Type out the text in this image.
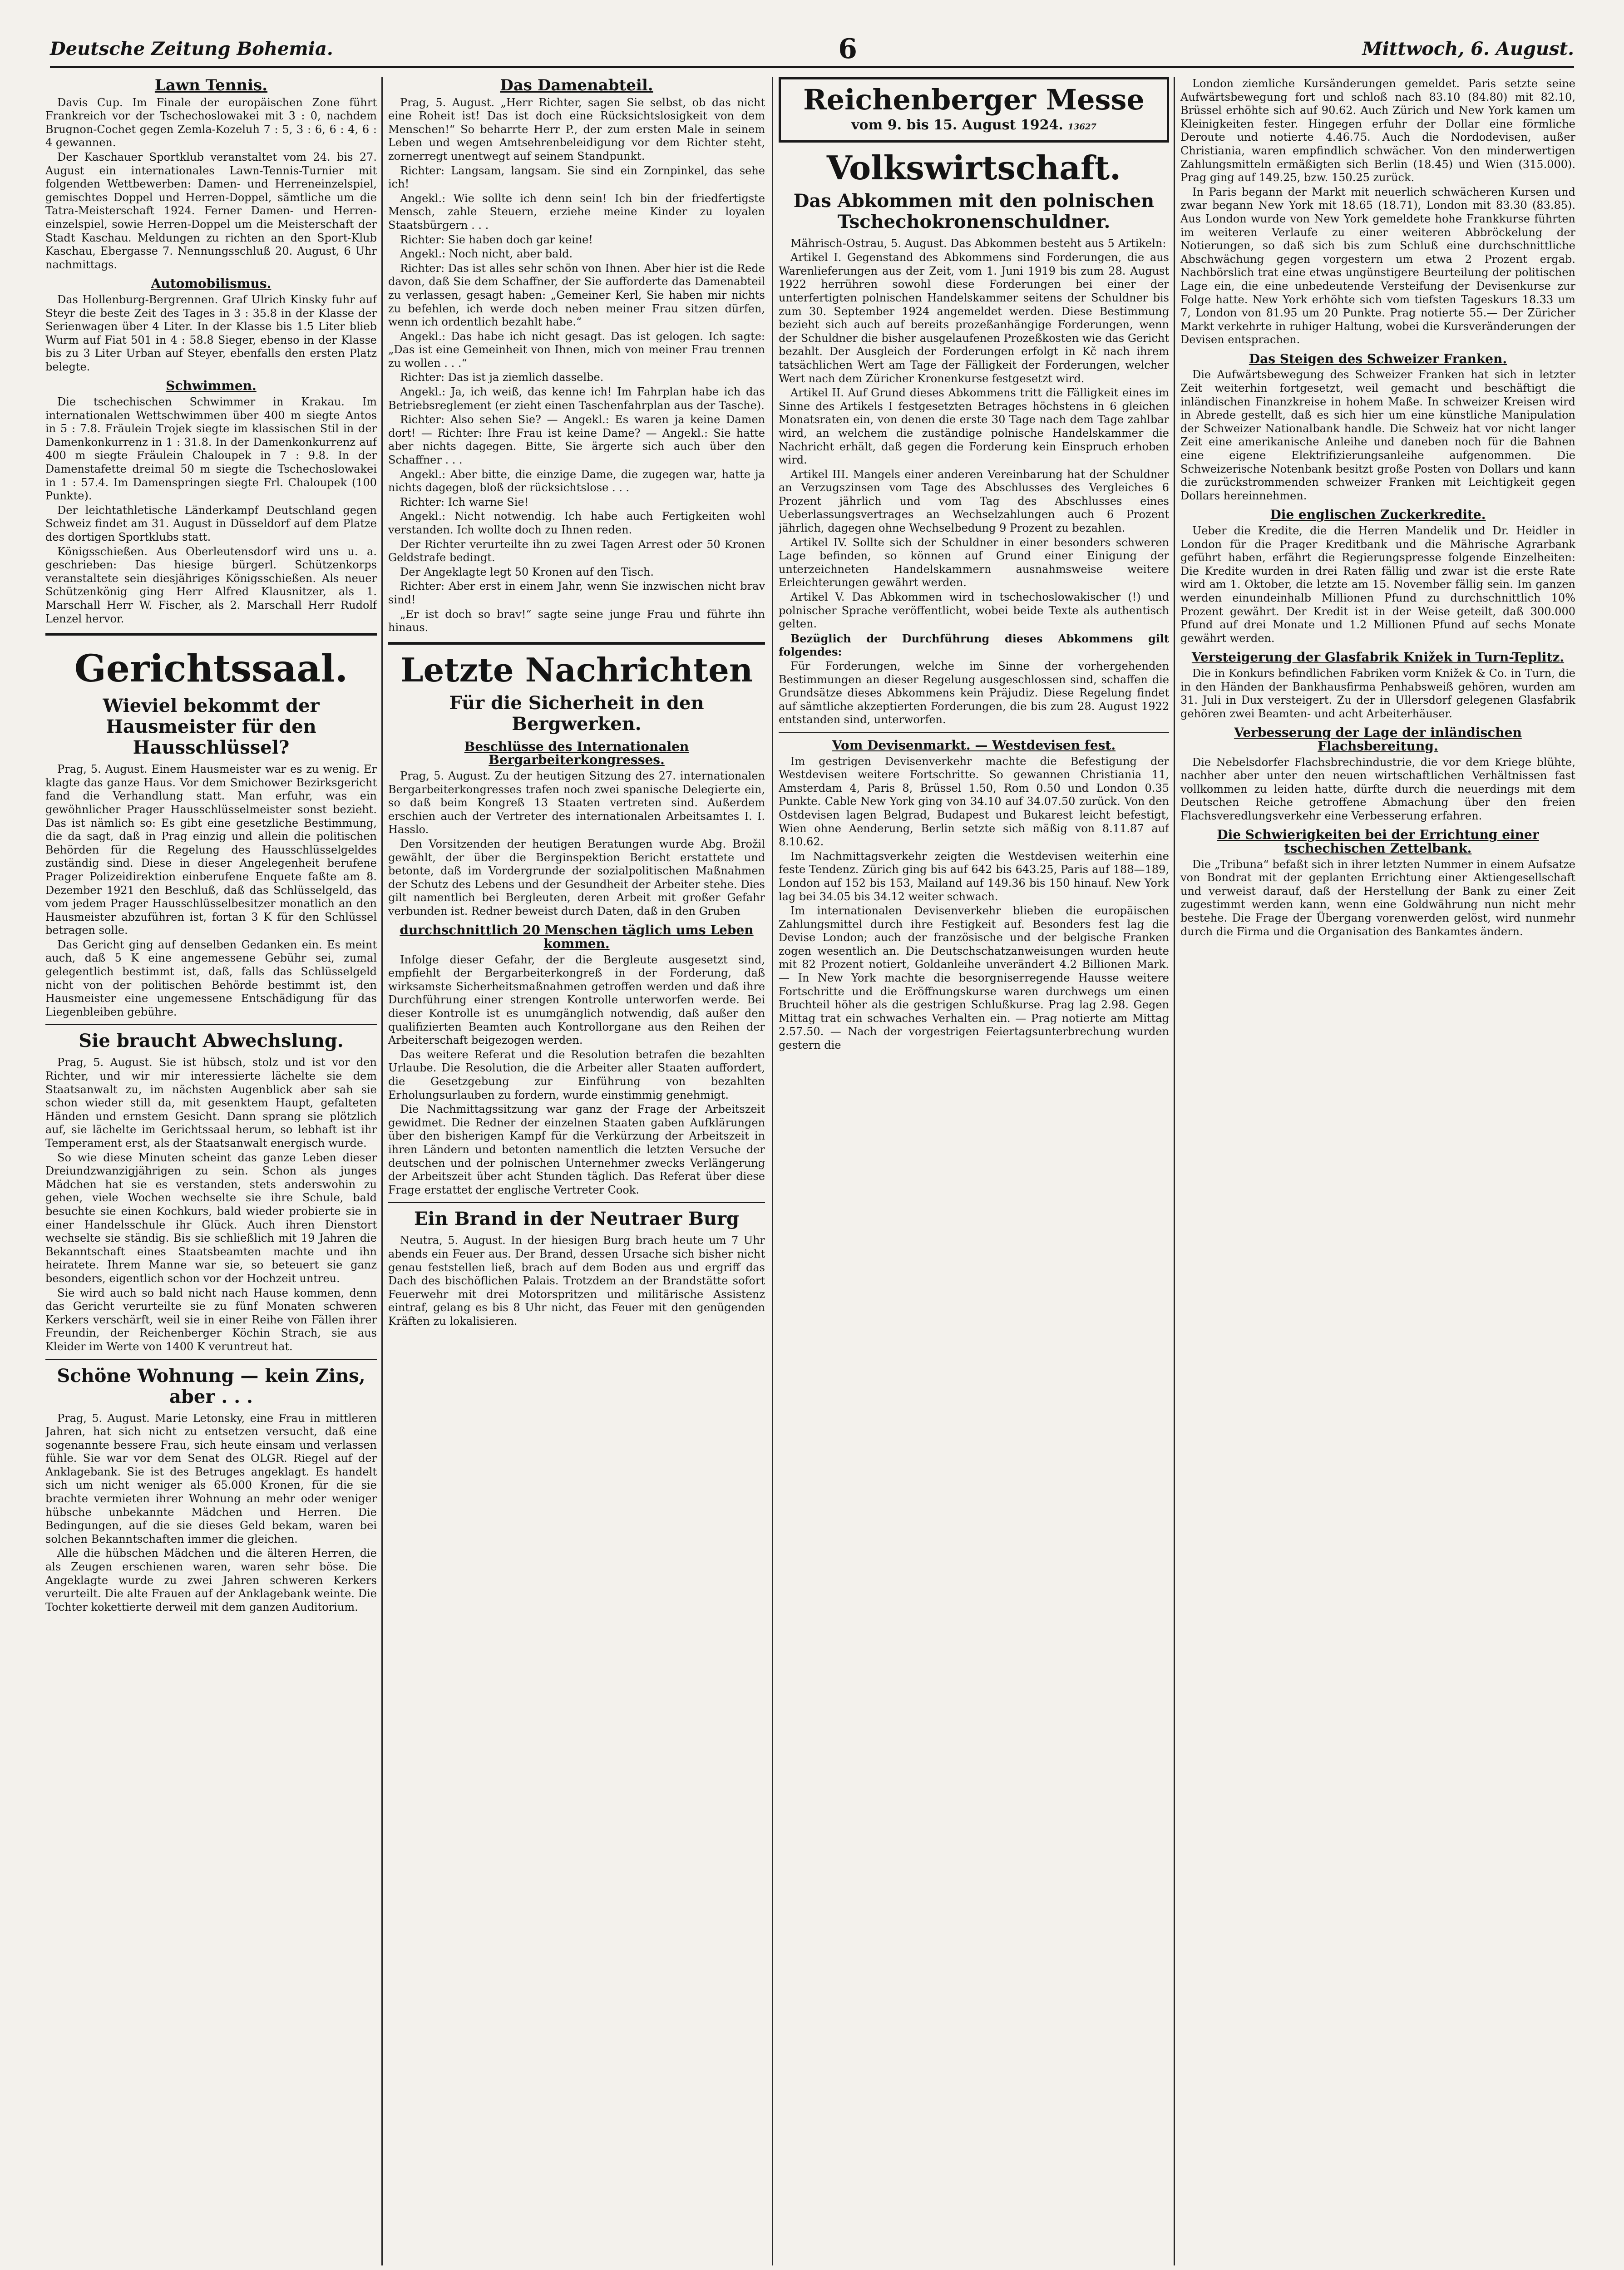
Deutsche Zeitung Bohemia.	6	Mittwoch, 6. August.
Lawn Tennis.

Davis Cup. Im Finale der europäischen Zone führt Frankreich vor der Tschechoslowakei mit 3 : 0, nachdem Brugnon-Cochet gegen Zemla-Kozeluh 7 : 5, 3 : 6, 6 : 4, 6 : 4 gewannen.

Der Kaschauer Sportklub veranstaltet vom 24. bis 27. August ein internationales Lawn-Tennis-Turnier mit folgenden Wettbewerben: Damen- und Herreneinzelspiel, gemischtes Doppel und Herren-Doppel, sämtliche um die Tatra-Meisterschaft 1924. Ferner Damen- und Herren-einzelspiel, sowie Herren-Doppel um die Meisterschaft der Stadt Kaschau. Meldungen zu richten an den Sport-Klub Kaschau, Ebergasse 7. Nennungsschluß 20. August, 6 Uhr nachmittags.

Automobilismus.

Das Hollenburg-Bergrennen. Graf Ulrich Kinsky fuhr auf Steyr die beste Zeit des Tages in 3 : 35.8 in der Klasse der Serienwagen über 4 Liter. In der Klasse bis 1.5 Liter blieb Wurm auf Fiat 501 in 4 : 58.8 Sieger, ebenso in der Klasse bis zu 3 Liter Urban auf Steyer, ebenfalls den ersten Platz belegte.

Schwimmen.

Die tschechischen Schwimmer in Krakau. Im internationalen Wettschwimmen über 400 m siegte Antos in 5 : 7.8. Fräulein Trojek siegte im klassischen Stil in der Damenkonkurrenz in 1 : 31.8. In der Damenkonkurrenz auf 400 m siegte Fräulein Chaloupek in 7 : 9.8. In der Damenstafette dreimal 50 m siegte die Tschechoslowakei in 1 : 57.4. Im Damenspringen siegte Frl. Chaloupek (100 Punkte).

Der leichtathletische Länderkampf Deutschland gegen Schweiz findet am 31. August in Düsseldorf auf dem Platze des dortigen Sportklubs statt.

Königsschießen. Aus Oberleutensdorf wird uns u. a. geschrieben: Das hiesige bürgerl. Schützenkorps veranstaltete sein diesjähriges Königsschießen. Als neuer Schützenkönig ging Herr Alfred Klausnitzer, als 1. Marschall Herr W. Fischer, als 2. Marschall Herr Rudolf Lenzel hervor.

Gerichtssaal.
Wieviel bekommt der Hausmeister für den Hausschlüssel?

Prag, 5. August. Einem Hausmeister war es zu wenig. Er klagte das ganze Haus. Vor dem Smichower Bezirksgericht fand die Verhandlung statt. Man erfuhr, was ein gewöhnlicher Prager Hausschlüsselmeister sonst bezieht. Das ist nämlich so: Es gibt eine gesetzliche Bestimmung, die da sagt, daß in Prag einzig und allein die politischen Behörden für die Regelung des Hausschlüsselgeldes zuständig sind. Diese in dieser Angelegenheit berufene Prager Polizeidirektion einberufene Enquete faßte am 8. Dezember 1921 den Beschluß, daß das Schlüsselgeld, das vom jedem Prager Hausschlüsselbesitzer monatlich an den Hausmeister abzuführen ist, fortan 3 K für den Schlüssel betragen solle.

Das Gericht ging auf denselben Gedanken ein. Es meint auch, daß 5 K eine angemessene Gebühr sei, zumal gelegentlich bestimmt ist, daß, falls das Schlüsselgeld nicht von der politischen Behörde bestimmt ist, den Hausmeister eine ungemessene Entschädigung für das Liegenbleiben gebühre.

Sie braucht Abwechslung.

Prag, 5. August. Sie ist hübsch, stolz und ist vor den Richter, und wir mir interessierte lächelte sie dem Staatsanwalt zu, im nächsten Augenblick aber sah sie schon wieder still da, mit gesenktem Haupt, gefalteten Händen und ernstem Gesicht. Dann sprang sie plötzlich auf, sie lächelte im Gerichtssaal herum, so lebhaft ist ihr Temperament erst, als der Staatsanwalt energisch wurde.

So wie diese Minuten scheint das ganze Leben dieser Dreiundzwanzigjährigen zu sein. Schon als junges Mädchen hat sie es verstanden, stets anderswohin zu gehen, viele Wochen wechselte sie ihre Schule, bald besuchte sie einen Kochkurs, bald wieder probierte sie in einer Handelsschule ihr Glück. Auch ihren Dienstort wechselte sie ständig. Bis sie schließlich mit 19 Jahren die Bekanntschaft eines Staatsbeamten machte und ihn heiratete. Ihrem Manne war sie, so beteuert sie ganz besonders, eigentlich schon vor der Hochzeit untreu.

Sie wird auch so bald nicht nach Hause kommen, denn das Gericht verurteilte sie zu fünf Monaten schweren Kerkers verschärft, weil sie in einer Reihe von Fällen ihrer Freundin, der Reichenberger Köchin Strach, sie aus Kleider im Werte von 1400 K veruntreut hat.

Schöne Wohnung — kein Zins, aber . . .

Prag, 5. August. Marie Letonsky, eine Frau in mittleren Jahren, hat sich nicht zu entsetzen versucht, daß eine sogenannte bessere Frau, sich heute einsam und verlassen fühle. Sie war vor dem Senat des OLGR. Riegel auf der Anklagebank. Sie ist des Betruges angeklagt. Es handelt sich um nicht weniger als 65.000 Kronen, für die sie brachte vermieten ihrer Wohnung an mehr oder weniger hübsche unbekannte Mädchen und Herren. Die Bedingungen, auf die sie dieses Geld bekam, waren bei solchen Bekanntschaften immer die gleichen.

Alle die hübschen Mädchen und die älteren Herren, die als Zeugen erschienen waren, waren sehr böse. Die Angeklagte wurde zu zwei Jahren schweren Kerkers verurteilt. Die alte Frauen auf der Anklagebank weinte. Die Tochter kokettierte derweil mit dem ganzen Auditorium.

Das Damenabteil.

Prag, 5. August. „Herr Richter, sagen Sie selbst, ob das nicht eine Roheit ist! Das ist doch eine Rücksichtslosigkeit von dem Menschen!“ So beharrte Herr P., der zum ersten Male in seinem Leben und wegen Amtsehrenbeleidigung vor dem Richter steht, zornerregt unentwegt auf seinem Standpunkt.

Richter: Langsam, langsam. Sie sind ein Zornpinkel, das sehe ich!

Angekl.: Wie sollte ich denn sein! Ich bin der friedfertigste Mensch, zahle Steuern, erziehe meine Kinder zu loyalen Staatsbürgern . . .

Richter: Sie haben doch gar keine!

Angekl.: Noch nicht, aber bald.

Richter: Das ist alles sehr schön von Ihnen. Aber hier ist die Rede davon, daß Sie dem Schaffner, der Sie aufforderte das Damenabteil zu verlassen, gesagt haben: „Gemeiner Kerl, Sie haben mir nichts zu befehlen, ich werde doch neben meiner Frau sitzen dürfen, wenn ich ordentlich bezahlt habe.“

Angekl.: Das habe ich nicht gesagt. Das ist gelogen. Ich sagte: „Das ist eine Gemeinheit von Ihnen, mich von meiner Frau trennen zu wollen . . .“

Richter: Das ist ja ziemlich dasselbe.

Angekl.: Ja, ich weiß, das kenne ich! Im Fahrplan habe ich das Betriebsreglement (er zieht einen Taschenfahrplan aus der Tasche).

Richter: Also sehen Sie? — Angekl.: Es waren ja keine Damen dort! — Richter: Ihre Frau ist keine Dame? — Angekl.: Sie hatte aber nichts dagegen. Bitte, Sie ärgerte sich auch über den Schaffner . . .

Angekl.: Aber bitte, die einzige Dame, die zugegen war, hatte ja nichts dagegen, bloß der rücksichtslose . . .

Richter: Ich warne Sie!

Angekl.: Nicht notwendig. Ich habe auch Fertigkeiten wohl verstanden. Ich wollte doch zu Ihnen reden.

Der Richter verurteilte ihn zu zwei Tagen Arrest oder 50 Kronen Geldstrafe bedingt.

Der Angeklagte legt 50 Kronen auf den Tisch.

Richter: Aber erst in einem Jahr, wenn Sie inzwischen nicht brav sind!

„Er ist doch so brav!“ sagte seine junge Frau und führte ihn hinaus.

Letzte Nachrichten
Für die Sicherheit in den Bergwerken.
Beschlüsse des Internationalen Bergarbeiterkongresses.

Prag, 5. August. Zu der heutigen Sitzung des 27. internationalen Bergarbeiterkongresses trafen noch zwei spanische Delegierte ein, so daß beim Kongreß 13 Staaten vertreten sind. Außerdem erschien auch der Vertreter des internationalen Arbeitsamtes I. I. Hasslo.

Den Vorsitzenden der heutigen Beratungen wurde Abg. Brožil gewählt, der über die Berginspektion Bericht erstattete und betonte, daß im Vordergrunde der sozialpolitischen Maßnahmen der Schutz des Lebens und der Gesundheit der Arbeiter stehe. Dies gilt namentlich bei Bergleuten, deren Arbeit mit großer Gefahr verbunden ist. Redner beweist durch Daten, daß in den Gruben

durchschnittlich 20 Menschen täglich ums Leben kommen.

Infolge dieser Gefahr, der die Bergleute ausgesetzt sind, empfiehlt der Bergarbeiterkongreß in der Forderung, daß wirksamste Sicherheitsmaßnahmen getroffen werden und daß ihre Durchführung einer strengen Kontrolle unterworfen werde. Bei dieser Kontrolle ist es unumgänglich notwendig, daß außer den qualifizierten Beamten auch Kontrollorgane aus den Reihen der Arbeiterschaft beigezogen werden.

Das weitere Referat und die Resolution betrafen die bezahlten Urlaube. Die Resolution, die die Arbeiter aller Staaten auffordert, die Gesetzgebung zur Einführung von bezahlten Erholungsurlauben zu fordern, wurde einstimmig genehmigt.

Die Nachmittagssitzung war ganz der Frage der Arbeitszeit gewidmet. Die Redner der einzelnen Staaten gaben Aufklärungen über den bisherigen Kampf für die Verkürzung der Arbeitszeit in ihren Ländern und betonten namentlich die letzten Versuche der deutschen und der polnischen Unternehmer zwecks Verlängerung der Arbeitszeit über acht Stunden täglich. Das Referat über diese Frage erstattet der englische Vertreter Cook.

Ein Brand in der Neutraer Burg

Neutra, 5. August. In der hiesigen Burg brach heute um 7 Uhr abends ein Feuer aus. Der Brand, dessen Ursache sich bisher nicht genau feststellen ließ, brach auf dem Boden aus und ergriff das Dach des bischöflichen Palais. Trotzdem an der Brandstätte sofort Feuerwehr mit drei Motorspritzen und militärische Assistenz eintraf, gelang es bis 8 Uhr nicht, das Feuer mit den genügenden Kräften zu lokalisieren.

Reichenberger Messe
vom 9. bis 15. August 1924. 13627
Volkswirtschaft.
Das Abkommen mit den polnischen Tschechokronenschuldner.

Mährisch-Ostrau, 5. August. Das Abkommen besteht aus 5 Artikeln:

Artikel I. Gegenstand des Abkommens sind Forderungen, die aus Warenlieferungen aus der Zeit, vom 1. Juni 1919 bis zum 28. August 1922 herrühren sowohl diese Forderungen bei einer der unterfertigten polnischen Handelskammer seitens der Schuldner bis zum 30. September 1924 angemeldet werden. Diese Bestimmung bezieht sich auch auf bereits prozeßanhängige Forderungen, wenn der Schuldner die bisher ausgelaufenen Prozeßkosten wie das Gericht bezahlt. Der Ausgleich der Forderungen erfolgt in Kč nach ihrem tatsächlichen Wert am Tage der Fälligkeit der Forderungen, welcher Wert nach dem Züricher Kronenkurse festgesetzt wird.

Artikel II. Auf Grund dieses Abkommens tritt die Fälligkeit eines im Sinne des Artikels I festgesetzten Betrages höchstens in 6 gleichen Monatsraten ein, von denen die erste 30 Tage nach dem Tage zahlbar wird, an welchem die zuständige polnische Handelskammer die Nachricht erhält, daß gegen die Forderung kein Einspruch erhoben wird.

Artikel III. Mangels einer anderen Vereinbarung hat der Schuldner an Verzugszinsen vom Tage des Abschlusses des Vergleiches 6 Prozent jährlich und vom Tag des Abschlusses eines Ueberlassungsvertrages an Wechselzahlungen auch 6 Prozent jährlich, dagegen ohne Wechselbedung 9 Prozent zu bezahlen.

Artikel IV. Sollte sich der Schuldner in einer besonders schweren Lage befinden, so können auf Grund einer Einigung der unterzeichneten Handelskammern ausnahmsweise weitere Erleichterungen gewährt werden.

Artikel V. Das Abkommen wird in tschechoslowakischer (!) und polnischer Sprache veröffentlicht, wobei beide Texte als authentisch gelten.

Bezüglich der Durchführung dieses Abkommens gilt folgendes:

Für Forderungen, welche im Sinne der vorhergehenden Bestimmungen an dieser Regelung ausgeschlossen sind, schaffen die Grundsätze dieses Abkommens kein Präjudiz. Diese Regelung findet auf sämtliche akzeptierten Forderungen, die bis zum 28. August 1922 entstanden sind, unterworfen.

Vom Devisenmarkt. — Westdevisen fest.

Im gestrigen Devisenverkehr machte die Befestigung der Westdevisen weitere Fortschritte. So gewannen Christiania 11, Amsterdam 4, Paris 8, Brüssel 1.50, Rom 0.50 und London 0.35 Punkte. Cable New York ging von 34.10 auf 34.07.50 zurück. Von den Ostdevisen lagen Belgrad, Budapest und Bukarest leicht befestigt, Wien ohne Aenderung, Berlin setzte sich mäßig von 8.11.87 auf 8.10.62.

Im Nachmittagsverkehr zeigten die Westdevisen weiterhin eine feste Tendenz. Zürich ging bis auf 642 bis 643.25, Paris auf 188—189, London auf 152 bis 153, Mailand auf 149.36 bis 150 hinauf. New York lag bei 34.05 bis 34.12 weiter schwach.

Im internationalen Devisenverkehr blieben die europäischen Zahlungsmittel durch ihre Festigkeit auf. Besonders fest lag die Devise London; auch der französische und der belgische Franken zogen wesentlich an. Die Deutschschatzanweisungen wurden heute mit 82 Prozent notiert, Goldanleihe unverändert 4.2 Billionen Mark. — In New York machte die besorgniserregende Hausse weitere Fortschritte und die Eröffnungskurse waren durchwegs um einen Bruchteil höher als die gestrigen Schlußkurse. Prag lag 2.98. Gegen Mittag trat ein schwaches Verhalten ein. — Prag notierte am Mittag 2.57.50. — Nach der vorgestrigen Feiertagsunterbrechung wurden gestern die

London ziemliche Kursänderungen gemeldet. Paris setzte seine Aufwärtsbewegung fort und schloß nach 83.10 (84.80) mit 82.10, Brüssel erhöhte sich auf 90.62. Auch Zürich und New York kamen um Kleinigkeiten fester. Hingegen erfuhr der Dollar eine förmliche Deroute und notierte 4.46.75. Auch die Nordodevisen, außer Christiania, waren empfindlich schwächer. Von den minderwertigen Zahlungsmitteln ermäßigten sich Berlin (18.45) und Wien (315.000). Prag ging auf 149.25, bzw. 150.25 zurück.

In Paris begann der Markt mit neuerlich schwächeren Kursen und zwar begann New York mit 18.65 (18.71), London mit 83.30 (83.85). Aus London wurde von New York gemeldete hohe Frankkurse führten im weiteren Verlaufe zu einer weiteren Abbröckelung der Notierungen, so daß sich bis zum Schluß eine durchschnittliche Abschwächung gegen vorgestern um etwa 2 Prozent ergab. Nachbörslich trat eine etwas ungünstigere Beurteilung der politischen Lage ein, die eine unbedeutende Versteifung der Devisenkurse zur Folge hatte. New York erhöhte sich vom tiefsten Tageskurs 18.33 um 7, London von 81.95 um 20 Punkte. Prag notierte 55.— Der Züricher Markt verkehrte in ruhiger Haltung, wobei die Kursveränderungen der Devisen entsprachen.

Das Steigen des Schweizer Franken.

Die Aufwärtsbewegung des Schweizer Franken hat sich in letzter Zeit weiterhin fortgesetzt, weil gemacht und beschäftigt die inländischen Finanzkreise in hohem Maße. In schweizer Kreisen wird in Abrede gestellt, daß es sich hier um eine künstliche Manipulation der Schweizer Nationalbank handle. Die Schweiz hat vor nicht langer Zeit eine amerikanische Anleihe und daneben noch für die Bahnen eine eigene Elektrifizierungsanleihe aufgenommen. Die Schweizerische Notenbank besitzt große Posten von Dollars und kann die zurückstrommenden schweizer Franken mit Leichtigkeit gegen Dollars hereinnehmen.

Die englischen Zuckerkredite.

Ueber die Kredite, die die Herren Mandelik und Dr. Heidler in London für die Prager Kreditbank und die Mährische Agrarbank geführt haben, erfährt die Regierungspresse folgende Einzelheiten: Die Kredite wurden in drei Raten fällig und zwar ist die erste Rate wird am 1. Oktober, die letzte am 15. November fällig sein. Im ganzen werden einundeinhalb Millionen Pfund zu durchschnittlich 10% Prozent gewährt. Der Kredit ist in der Weise geteilt, daß 300.000 Pfund auf drei Monate und 1.2 Millionen Pfund auf sechs Monate gewährt werden.

Versteigerung der Glasfabrik Knižek in Turn-Teplitz.

Die in Konkurs befindlichen Fabriken vorm Knižek & Co. in Turn, die in den Händen der Bankhausfirma Penhabsweiß gehören, wurden am 31. Juli in Dux versteigert. Zu der in Ullersdorf gelegenen Glasfabrik gehören zwei Beamten- und acht Arbeiterhäuser.

Verbesserung der Lage der inländischen Flachsbereitung.

Die Nebelsdorfer Flachsbrechindustrie, die vor dem Kriege blühte, nachher aber unter den neuen wirtschaftlichen Verhältnissen fast vollkommen zu leiden hatte, dürfte durch die neuerdings mit dem Deutschen Reiche getroffene Abmachung über den freien Flachsveredlungsverkehr eine Verbesserung erfahren.

Die Schwierigkeiten bei der Errichtung einer tschechischen Zettelbank.

Die „Tribuna“ befaßt sich in ihrer letzten Nummer in einem Aufsatze von Bondrat mit der geplanten Errichtung einer Aktiengesellschaft und verweist darauf, daß der Herstellung der Bank zu einer Zeit zugestimmt werden kann, wenn eine Goldwährung nun nicht mehr bestehe. Die Frage der Übergang vorenwerden gelöst, wird nunmehr durch die Firma und die Organisation des Bankamtes ändern.
